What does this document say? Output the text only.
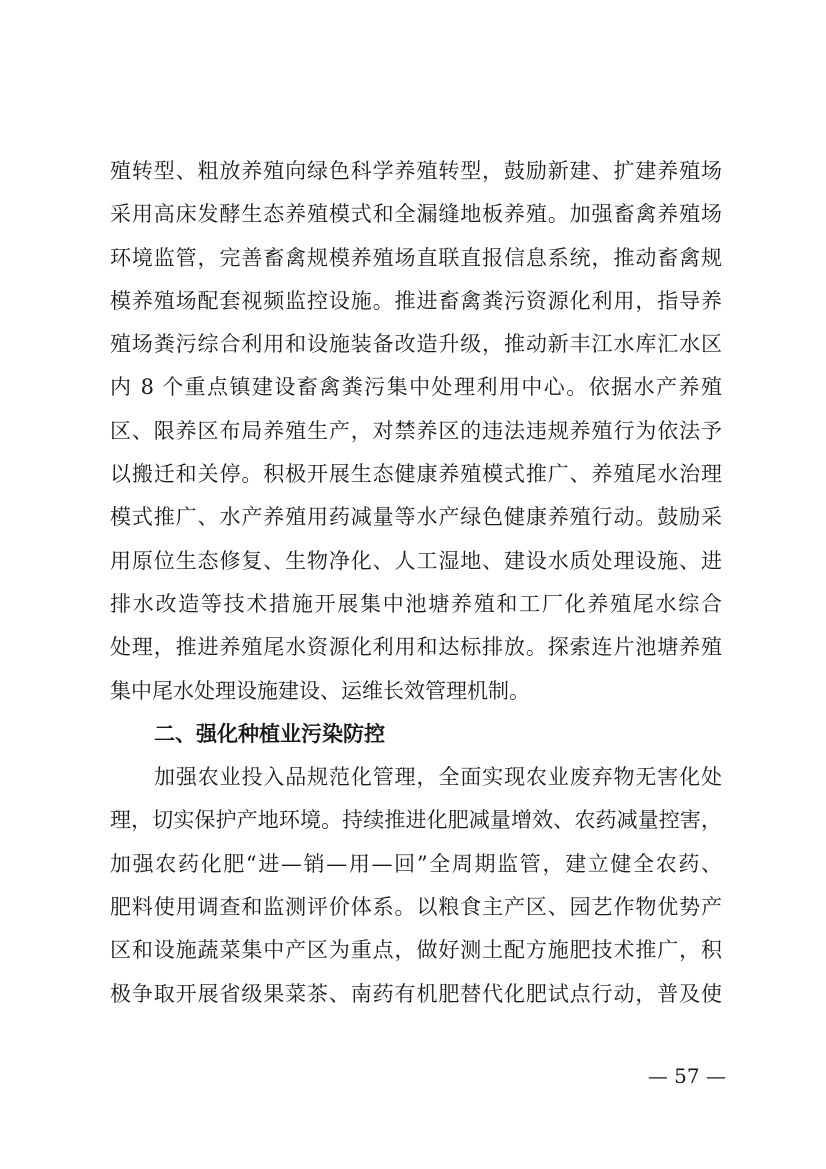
殖转型、粗放养殖向绿色科学养殖转型，鼓励新建、扩建养殖场
采用高床发酵生态养殖模式和全漏缝地板养殖。加强畜禽养殖场
环境监管，完善畜禽规模养殖场直联直报信息系统，推动畜禽规
模养殖场配套视频监控设施。推进畜禽粪污资源化利用，指导养
殖场粪污综合利用和设施装备改造升级，推动新丰江水库汇水区
内 8 个重点镇建设畜禽粪污集中处理利用中心。依据水产养殖
区、限养区布局养殖生产，对禁养区的违法违规养殖行为依法予
以搬迁和关停。积极开展生态健康养殖模式推广、养殖尾水治理
模式推广、水产养殖用药减量等水产绿色健康养殖行动。鼓励采
用原位生态修复、生物净化、人工湿地、建设水质处理设施、进
排水改造等技术措施开展集中池塘养殖和工厂化养殖尾水综合
处理，推进养殖尾水资源化利用和达标排放。探索连片池塘养殖
集中尾水处理设施建设、运维长效管理机制。
二、强化种植业污染防控
加强农业投入品规范化管理，全面实现农业废弃物无害化处
理，切实保护产地环境。持续推进化肥减量增效、农药减量控害，
加强农药化肥“进—销—用—回”全周期监管，建立健全农药、
肥料使用调查和监测评价体系。以粮食主产区、园艺作物优势产
区和设施蔬菜集中产区为重点，做好测土配方施肥技术推广，积
极争取开展省级果菜茶、南药有机肥替代化肥试点行动，普及使
— 57 —
